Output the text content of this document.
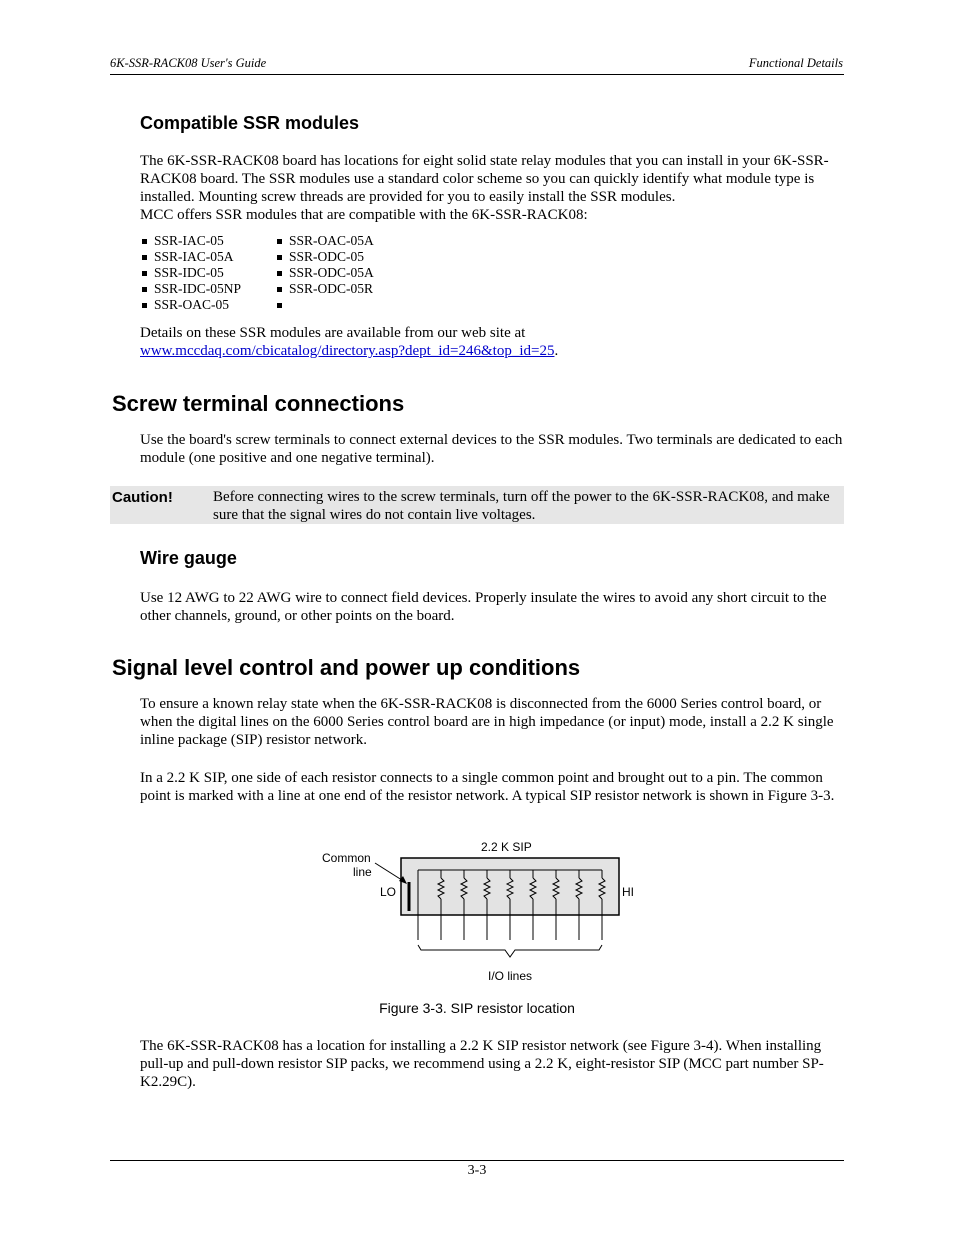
6K-SSR-RACK08 User's Guide	Functional Details
Compatible SSR modules
The 6K-SSR-RACK08 board has locations for eight solid state relay modules that you can install in your 6K-SSR-RACK08 board. The SSR modules use a standard color scheme so you can quickly identify what module type is installed. Mounting screw threads are provided for you to easily install the SSR modules.
MCC offers SSR modules that are compatible with the 6K-SSR-RACK08:
SSR-IAC-05
SSR-IAC-05A
SSR-IDC-05
SSR-IDC-05NP
SSR-OAC-05
SSR-OAC-05A
SSR-ODC-05
SSR-ODC-05A
SSR-ODC-05R
Details on these SSR modules are available from our web site at
www.mccdaq.com/cbicatalog/directory.asp?dept_id=246&top_id=25.
Screw terminal connections
Use the board's screw terminals to connect external devices to the SSR modules. Two terminals are dedicated to each module (one positive and one negative terminal).
Caution!	Before connecting wires to the screw terminals, turn off the power to the 6K-SSR-RACK08, and make sure that the signal wires do not contain live voltages.
Wire gauge
Use 12 AWG to 22 AWG wire to connect field devices. Properly insulate the wires to avoid any short circuit to the other channels, ground, or other points on the board.
Signal level control and power up conditions
To ensure a known relay state when the 6K-SSR-RACK08 is disconnected from the 6000 Series control board, or when the digital lines on the 6000 Series control board are in high impedance (or input) mode, install a 2.2 K single inline package (SIP) resistor network.
In a 2.2 K SIP, one side of each resistor connects to a single common point and brought out to a pin. The common point is marked with a line at one end of the resistor network. A typical SIP resistor network is shown in Figure 3-3.
2.2 K SIP
Common
line
LO	HI
I/O lines
Figure 3-3. SIP resistor location
The 6K-SSR-RACK08 has a location for installing a 2.2 K SIP resistor network (see Figure 3-4). When installing pull-up and pull-down resistor SIP packs, we recommend using a 2.2 K, eight-resistor SIP (MCC part number SP-K2.29C).
3-3
